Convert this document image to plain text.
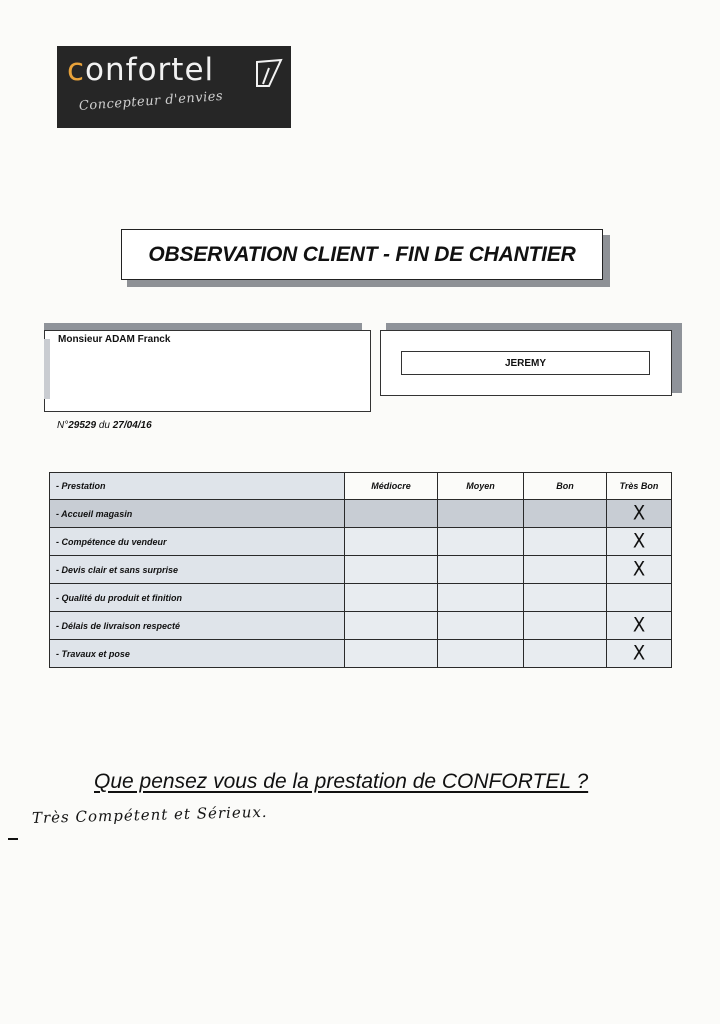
confortel
Concepteur d'envies
OBSERVATION CLIENT - FIN DE CHANTIER
Monsieur ADAM Franck
JEREMY
N°29529 du 27/04/16
- Prestation	Médiocre	Moyen	Bon	Très Bon
- Accueil magasin				X
- Compétence du vendeur				X
- Devis clair et sans surprise				X
- Qualité du produit et finition				
- Délais de livraison respecté				X
- Travaux et pose				X
Que pensez vous de la prestation de CONFORTEL ?
Très Compétent et Sérieux.
